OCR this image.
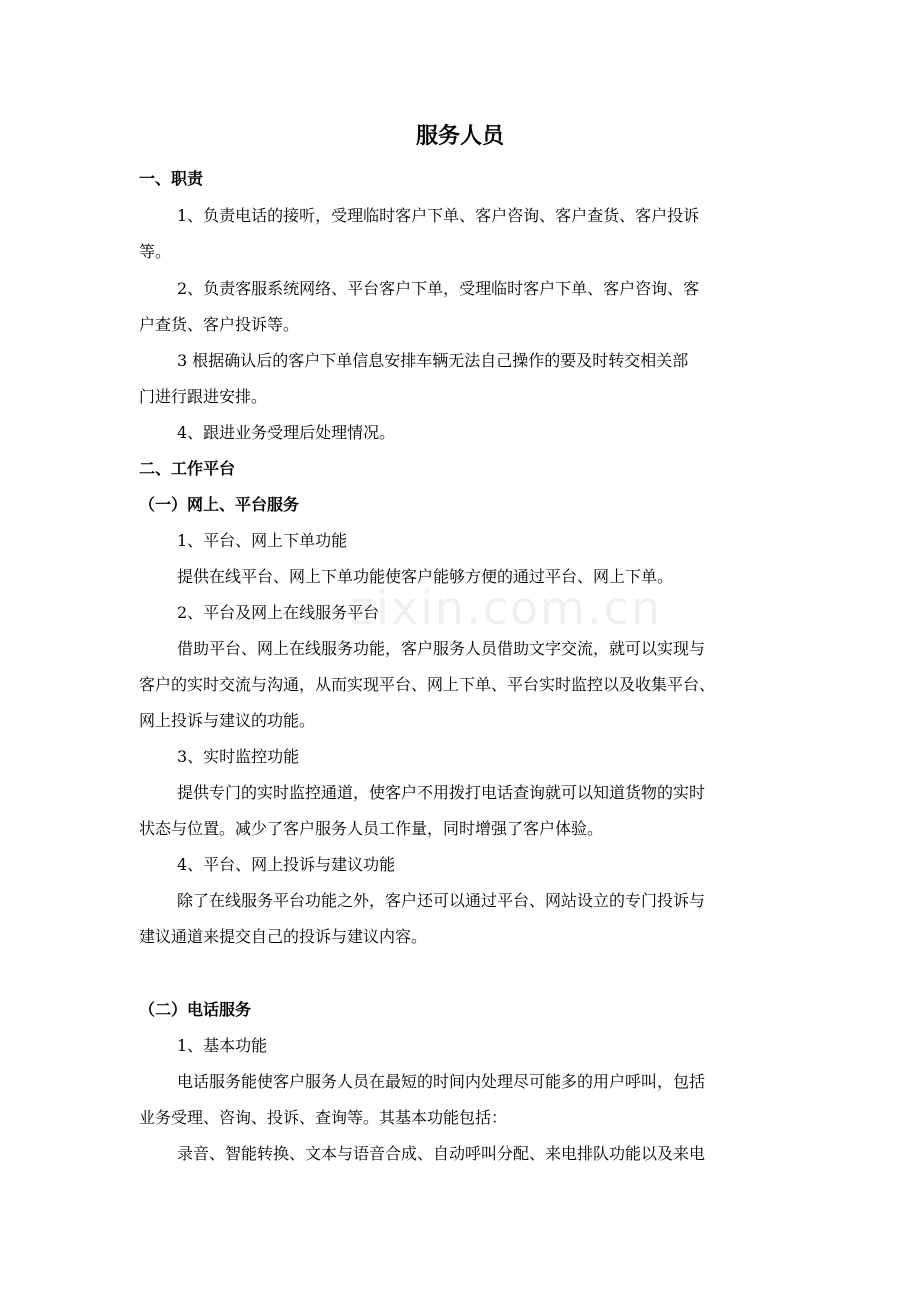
zixin.com.cn
服务人员
一、职责
1、负责电话的接听，受理临时客户下单、客户咨询、客户查货、客户投诉
等。
2、负责客服系统网络、平台客户下单，受理临时客户下单、客户咨询、客
户查货、客户投诉等。
3 根据确认后的客户下单信息安排车辆无法自己操作的要及时转交相关部
门进行跟进安排。
4、跟进业务受理后处理情况。
二、工作平台
（一）网上、平台服务
1、平台、网上下单功能
提供在线平台、网上下单功能使客户能够方便的通过平台、网上下单。
2、平台及网上在线服务平台
借助平台、网上在线服务功能，客户服务人员借助文字交流，就可以实现与
客户的实时交流与沟通，从而实现平台、网上下单、平台实时监控以及收集平台、
网上投诉与建议的功能。
3、实时监控功能
提供专门的实时监控通道，使客户不用拨打电话查询就可以知道货物的实时
状态与位置。减少了客户服务人员工作量，同时增强了客户体验。
4、平台、网上投诉与建议功能
除了在线服务平台功能之外，客户还可以通过平台、网站设立的专门投诉与
建议通道来提交自己的投诉与建议内容。
（二）电话服务
1、基本功能
电话服务能使客户服务人员在最短的时间内处理尽可能多的用户呼叫，包括
业务受理、咨询、投诉、查询等。其基本功能包括：
录音、智能转换、文本与语音合成、自动呼叫分配、来电排队功能以及来电
